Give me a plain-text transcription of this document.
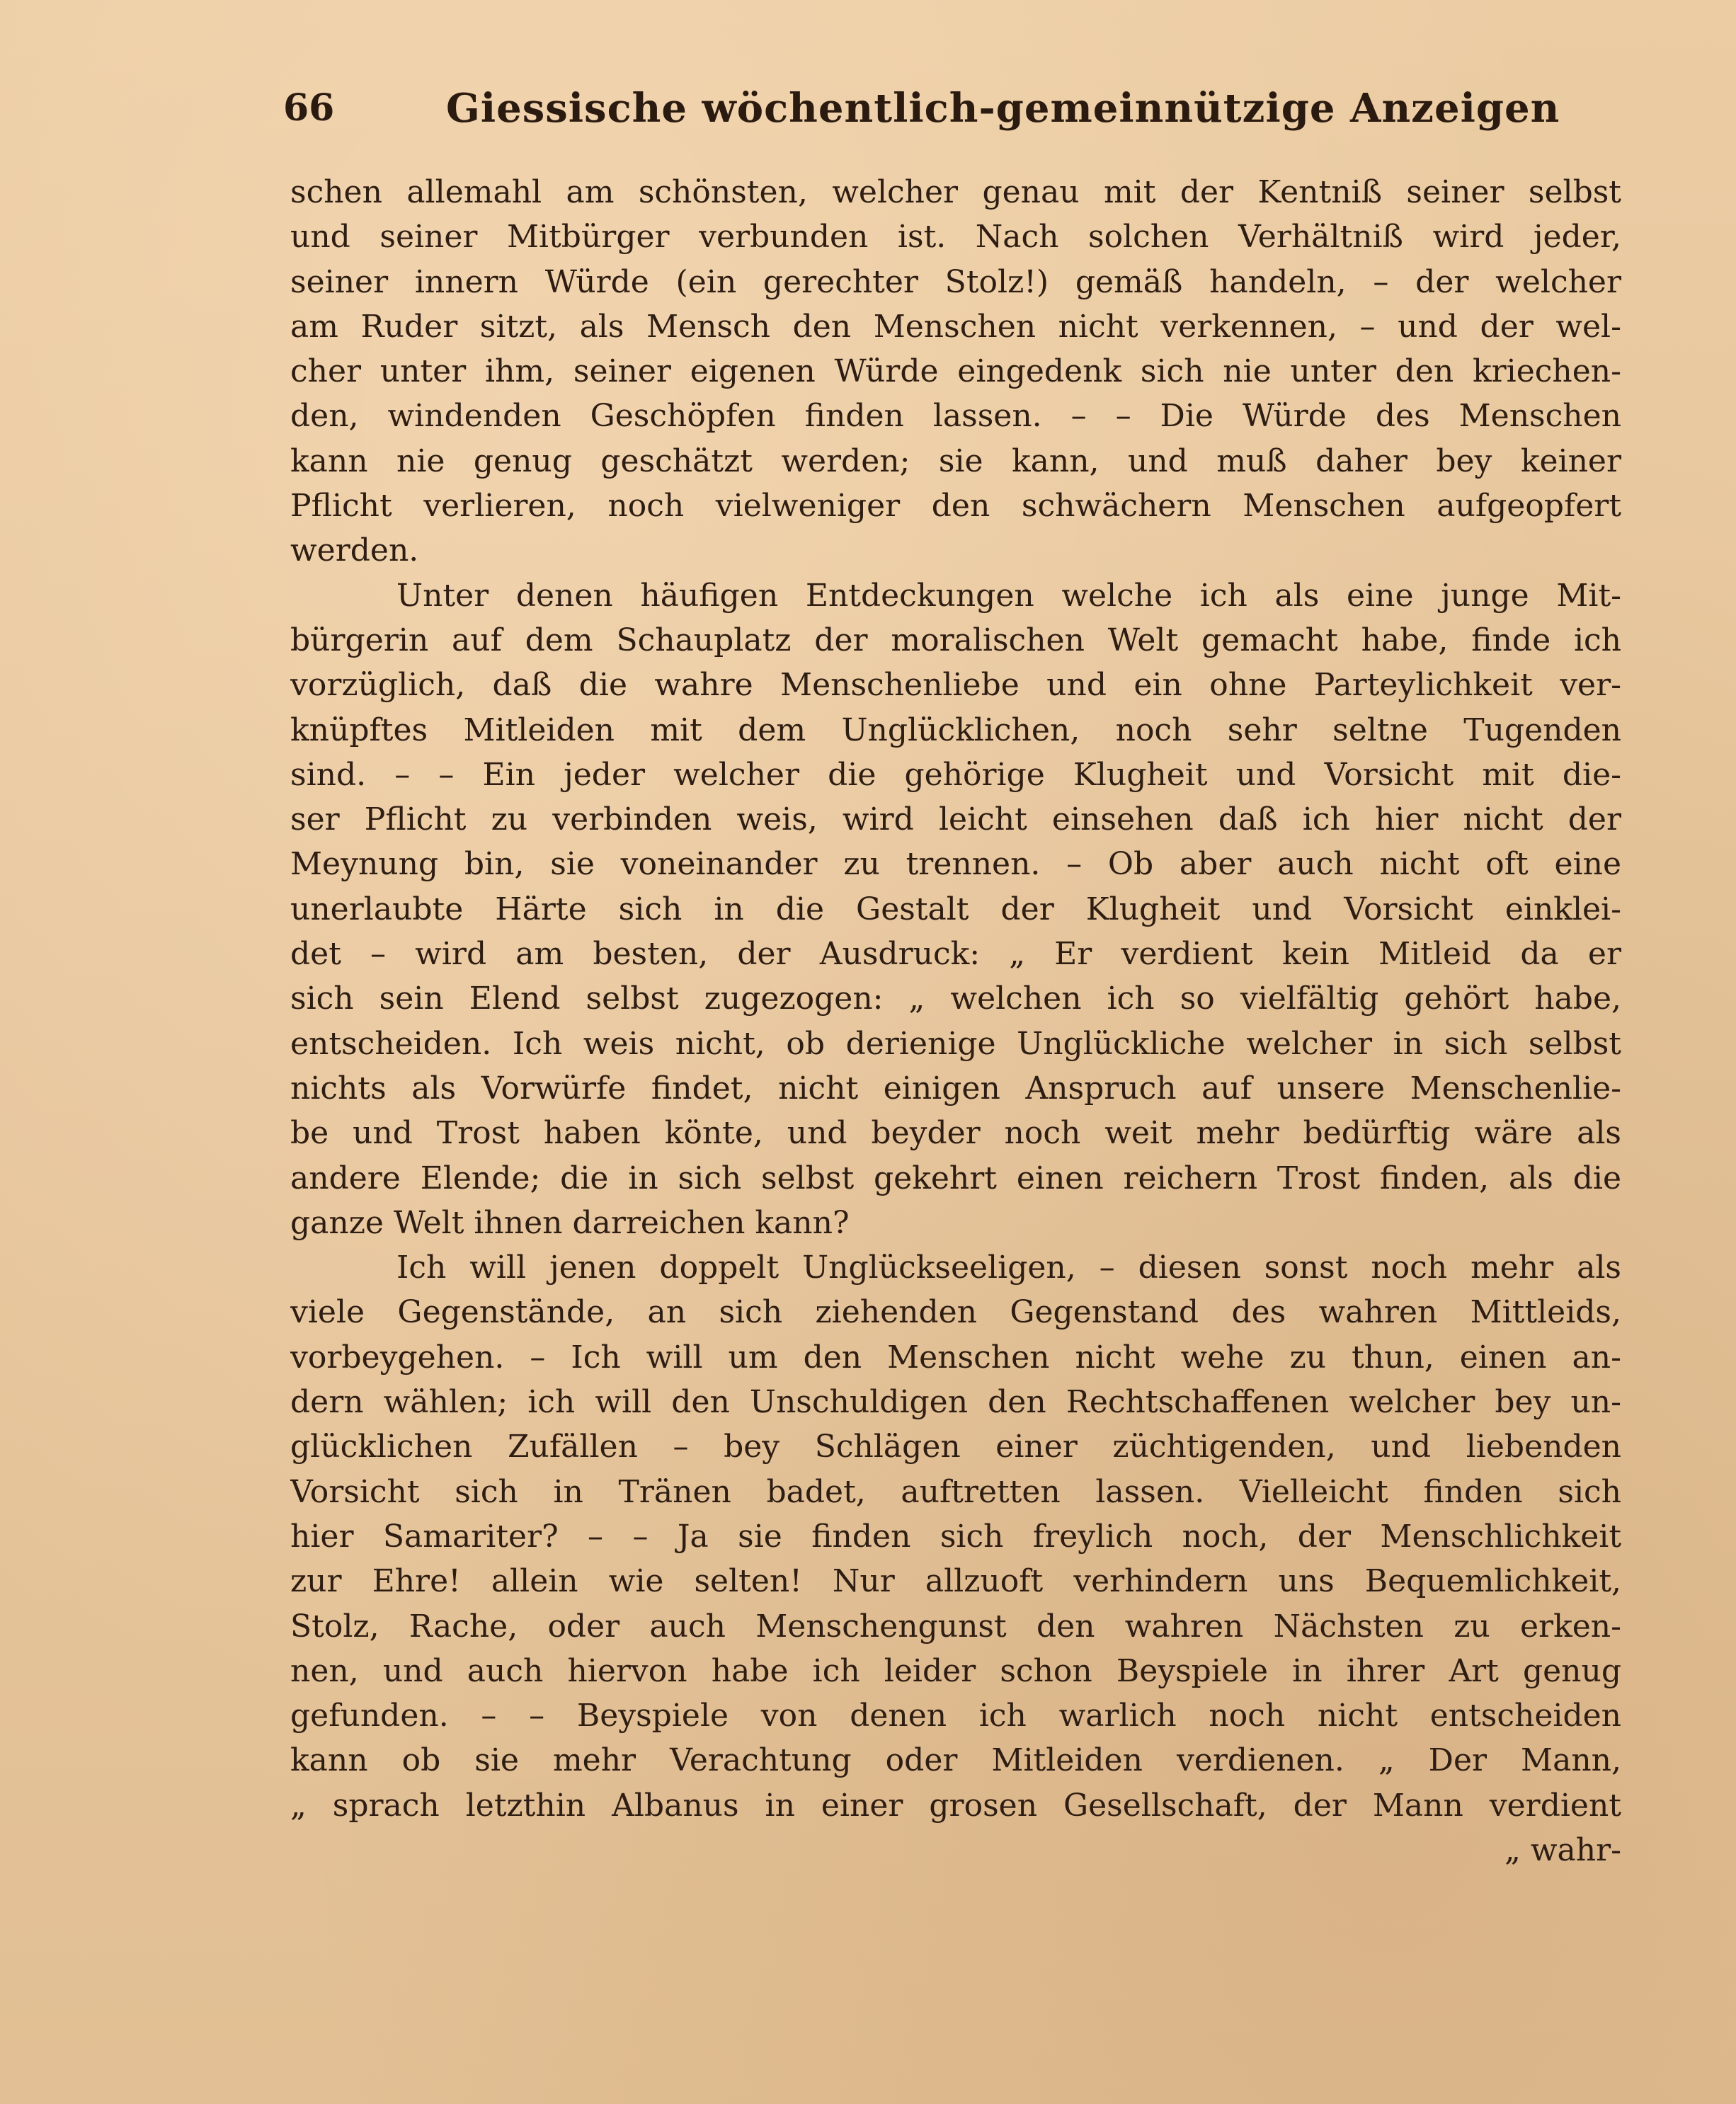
66	Giessische wöchentlich-gemeinnützige Anzeigen
schen allemahl am schönsten, welcher genau mit der Kentniß seiner selbst
und seiner Mitbürger verbunden ist. Nach solchen Verhältniß wird jeder,
seiner innern Würde (ein gerechter Stolz!) gemäß handeln, – der welcher
am Ruder sitzt, als Mensch den Menschen nicht verkennen, – und der wel-
cher unter ihm, seiner eigenen Würde eingedenk sich nie unter den kriechen-
den, windenden Geschöpfen finden lassen. – – Die Würde des Menschen
kann nie genug geschätzt werden; sie kann, und muß daher bey keiner
Pflicht verlieren, noch vielweniger den schwächern Menschen aufgeopfert
werden.
Unter denen häufigen Entdeckungen welche ich als eine junge Mit-
bürgerin auf dem Schauplatz der moralischen Welt gemacht habe, finde ich
vorzüglich, daß die wahre Menschenliebe und ein ohne Parteylichkeit ver-
knüpftes Mitleiden mit dem Unglücklichen, noch sehr seltne Tugenden
sind. – – Ein jeder welcher die gehörige Klugheit und Vorsicht mit die-
ser Pflicht zu verbinden weis, wird leicht einsehen daß ich hier nicht der
Meynung bin, sie voneinander zu trennen. – Ob aber auch nicht oft eine
unerlaubte Härte sich in die Gestalt der Klugheit und Vorsicht einklei-
det – wird am besten, der Ausdruck: „ Er verdient kein Mitleid da er
sich sein Elend selbst zugezogen: „ welchen ich so vielfältig gehört habe,
entscheiden. Ich weis nicht, ob derienige Unglückliche welcher in sich selbst
nichts als Vorwürfe findet, nicht einigen Anspruch auf unsere Menschenlie-
be und Trost haben könte, und beyder noch weit mehr bedürftig wäre als
andere Elende; die in sich selbst gekehrt einen reichern Trost finden, als die
ganze Welt ihnen darreichen kann?
Ich will jenen doppelt Unglückseeligen, – diesen sonst noch mehr als
viele Gegenstände, an sich ziehenden Gegenstand des wahren Mittleids,
vorbeygehen. – Ich will um den Menschen nicht wehe zu thun, einen an-
dern wählen; ich will den Unschuldigen den Rechtschaffenen welcher bey un-
glücklichen Zufällen – bey Schlägen einer züchtigenden, und liebenden
Vorsicht sich in Tränen badet, auftretten lassen. Vielleicht finden sich
hier Samariter? – – Ja sie finden sich freylich noch, der Menschlichkeit
zur Ehre! allein wie selten! Nur allzuoft verhindern uns Bequemlichkeit,
Stolz, Rache, oder auch Menschengunst den wahren Nächsten zu erken-
nen, und auch hiervon habe ich leider schon Beyspiele in ihrer Art genug
gefunden. – – Beyspiele von denen ich warlich noch nicht entscheiden
kann ob sie mehr Verachtung oder Mitleiden verdienen. „ Der Mann,
„ sprach letzthin Albanus in einer grosen Gesellschaft, der Mann verdient
„ wahr-
